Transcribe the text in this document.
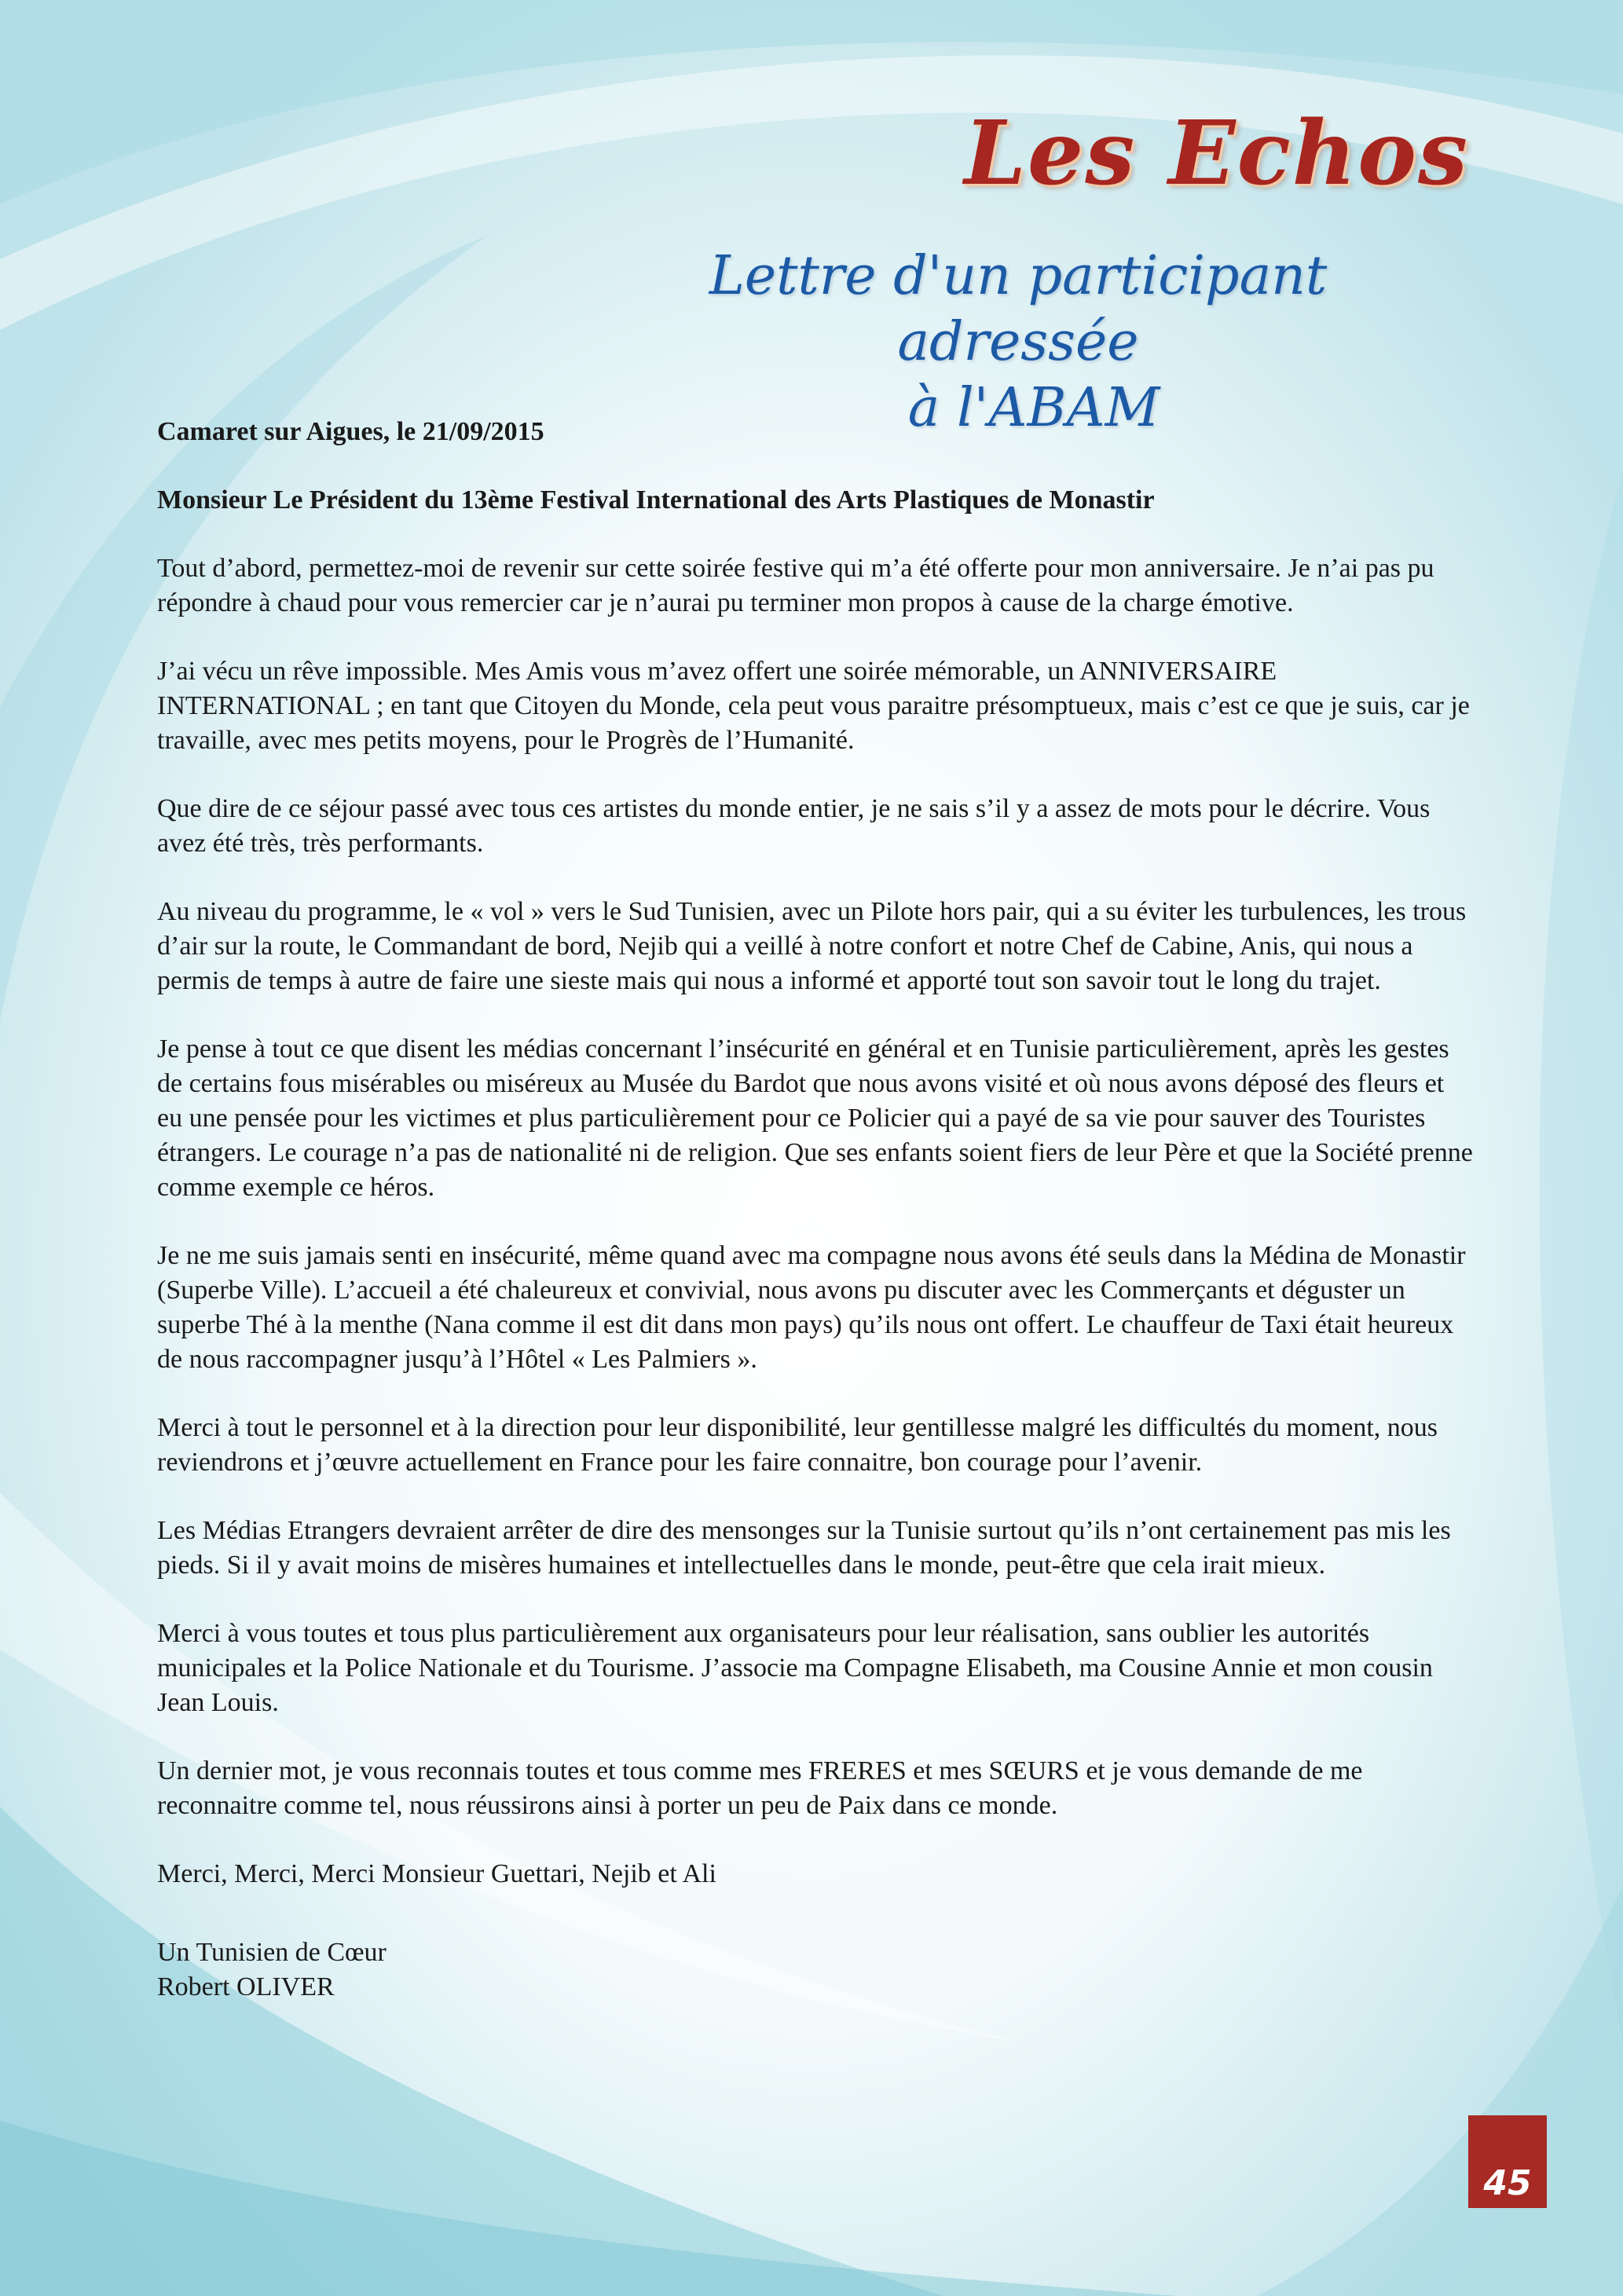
Les Echos
Lettre d'un participant adressée
à l'ABAM

Camaret sur Aigues, le 21/09/2015

Monsieur Le Président du 13ème Festival International des Arts Plastiques de Monastir

Tout d’abord, permettez-moi de revenir sur cette soirée festive qui m’a été offerte pour mon anniversaire. Je n’ai pas pu répondre à chaud pour vous remercier car je n’aurai pu terminer mon propos à cause de la charge émotive.

J’ai vécu un rêve impossible. Mes Amis vous m’avez offert une soirée mémorable, un ANNIVERSAIRE INTERNATIONAL ; en tant que Citoyen du Monde, cela peut vous paraitre présomptueux, mais c’est ce que je suis, car je travaille, avec mes petits moyens, pour le Progrès de l’Humanité.

Que dire de ce séjour passé avec tous ces artistes du monde entier, je ne sais s’il y a assez de mots pour le décrire. Vous avez été très, très performants.

Au niveau du programme, le « vol » vers le Sud Tunisien, avec un Pilote hors pair, qui a su éviter les turbulences, les trous d’air sur la route, le Commandant de bord, Nejib qui a veillé à notre confort et notre Chef de Cabine, Anis, qui nous a permis de temps à autre de faire une sieste mais qui nous a informé et apporté tout son savoir tout le long du trajet.

Je pense à tout ce que disent les médias concernant l’insécurité en général et en Tunisie particulièrement, après les gestes de certains fous misérables ou miséreux au Musée du Bardot que nous avons visité et où nous avons déposé des fleurs et eu une pensée pour les victimes et plus particulièrement pour ce Policier qui a payé de sa vie pour sauver des Touristes étrangers. Le courage n’a pas de nationalité ni de religion. Que ses enfants soient fiers de leur Père et que la Société prenne comme exemple ce héros.

Je ne me suis jamais senti en insécurité, même quand avec ma compagne nous avons été seuls dans la Médina de Monastir (Superbe Ville). L’accueil a été chaleureux et convivial, nous avons pu discuter avec les Commerçants et déguster un superbe Thé à la menthe (Nana comme il est dit dans mon pays) qu’ils nous ont offert. Le chauffeur de Taxi était heureux de nous raccompagner jusqu’à l’Hôtel « Les Palmiers ».

Merci à tout le personnel et à la direction pour leur disponibilité, leur gentillesse malgré les difficultés du moment, nous reviendrons et j’œuvre actuellement en France pour les faire connaitre, bon courage pour l’avenir.

Les Médias Etrangers devraient arrêter de dire des mensonges sur la Tunisie surtout qu’ils n’ont certainement pas mis les pieds. Si il y avait moins de misères humaines et intellectuelles dans le monde, peut-être que cela irait mieux.

Merci à vous toutes et tous plus particulièrement aux organisateurs pour leur réalisation, sans oublier les autorités municipales et la Police Nationale et du Tourisme. J’associe ma Compagne Elisabeth, ma Cousine Annie et mon cousin Jean Louis.

Un dernier mot, je vous reconnais toutes et tous comme mes FRERES et mes SŒURS et je vous demande de me reconnaitre comme tel, nous réussirons ainsi à porter un peu de Paix dans ce monde.

Merci, Merci, Merci Monsieur Guettari, Nejib et Ali

Un Tunisien de Cœur
Robert OLIVER
45
